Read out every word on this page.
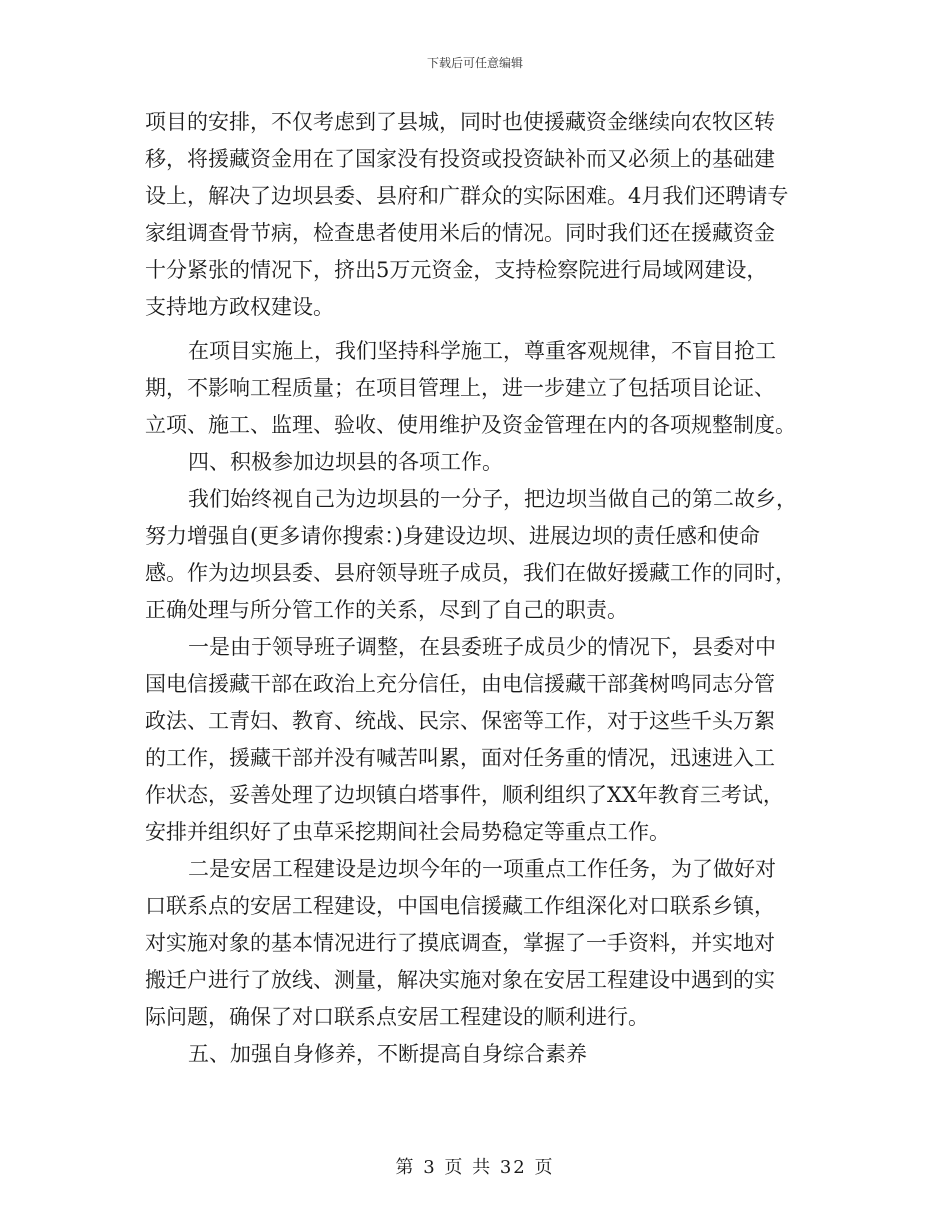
下载后可任意编辑
项目的安排，不仅考虑到了县城，同时也使援藏资金继续向农牧区转
移，将援藏资金用在了国家没有投资或投资缺补而又必须上的基础建
设上，解决了边坝县委、县府和广群众的实际困难。4月我们还聘请专
家组调查骨节病，检查患者使用米后的情况。同时我们还在援藏资金
十分紧张的情况下，挤出5万元资金，支持检察院进行局域网建设，
支持地方政权建设。
在项目实施上，我们坚持科学施工，尊重客观规律，不盲目抢工
期，不影响工程质量；在项目管理上，进一步建立了包括项目论证、
立项、施工、监理、验收、使用维护及资金管理在内的各项规整制度。
四、积极参加边坝县的各项工作。
我们始终视自己为边坝县的一分子，把边坝当做自己的第二故乡，
努力增强自(更多请你搜索：)身建设边坝、进展边坝的责任感和使命
感。作为边坝县委、县府领导班子成员，我们在做好援藏工作的同时，
正确处理与所分管工作的关系，尽到了自己的职责。
一是由于领导班子调整，在县委班子成员少的情况下，县委对中
国电信援藏干部在政治上充分信任，由电信援藏干部龚树鸣同志分管
政法、工青妇、教育、统战、民宗、保密等工作，对于这些千头万絮
的工作，援藏干部并没有喊苦叫累，面对任务重的情况，迅速进入工
作状态，妥善处理了边坝镇白塔事件，顺利组织了XX年教育三考试，
安排并组织好了虫草采挖期间社会局势稳定等重点工作。
二是安居工程建设是边坝今年的一项重点工作任务，为了做好对
口联系点的安居工程建设，中国电信援藏工作组深化对口联系乡镇，
对实施对象的基本情况进行了摸底调查，掌握了一手资料，并实地对
搬迁户进行了放线、测量，解决实施对象在安居工程建设中遇到的实
际问题，确保了对口联系点安居工程建设的顺利进行。
五、加强自身修养，不断提高自身综合素养
第 3 页 共 32 页
